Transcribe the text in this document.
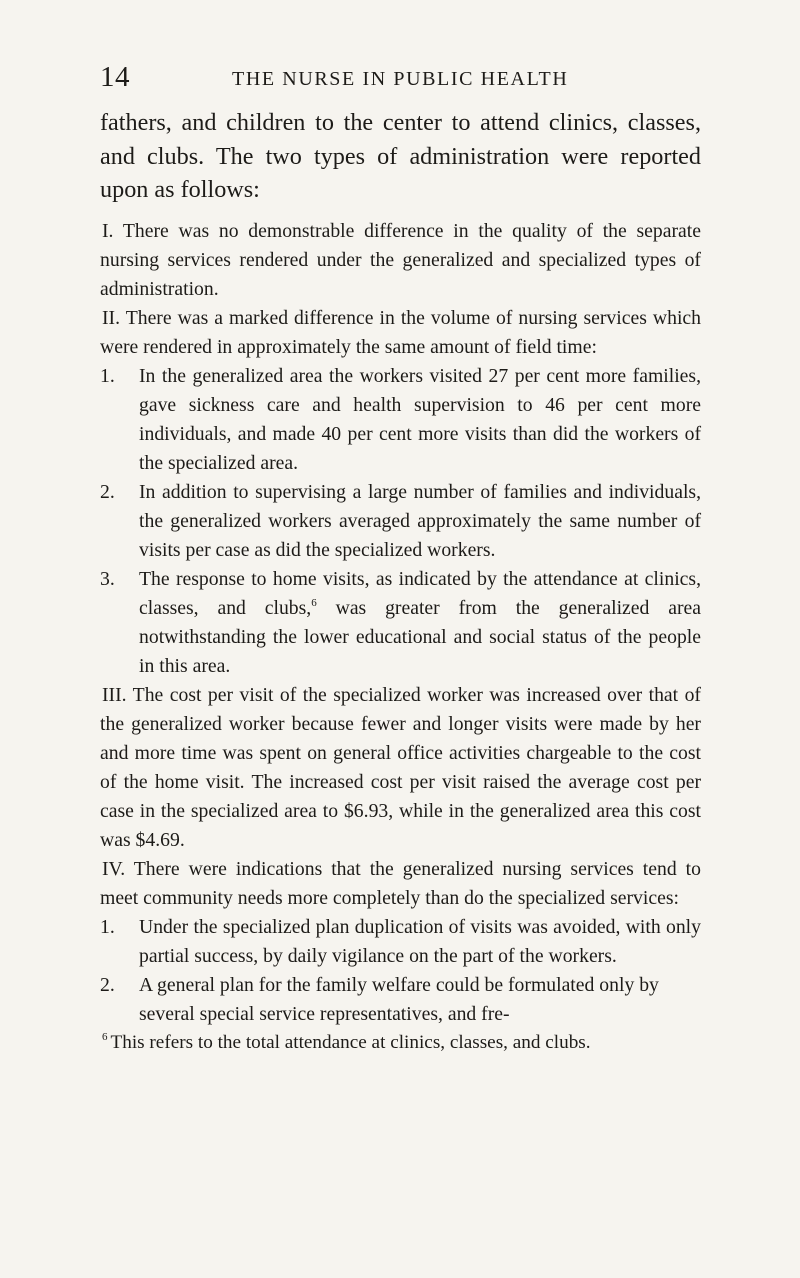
14	THE NURSE IN PUBLIC HEALTH

fathers, and children to the center to attend clinics, classes, and clubs. The two types of administration were reported upon as follows:

I. There was no demonstrable difference in the quality of the separate nursing services rendered under the generalized and specialized types of administration.

II. There was a marked difference in the volume of nursing services which were rendered in approximately the same amount of field time:

1. In the generalized area the workers visited 27 per cent more families, gave sickness care and health supervision to 46 per cent more individuals, and made 40 per cent more visits than did the workers of the specialized area.

2. In addition to supervising a large number of families and individuals, the generalized workers averaged approximately the same number of visits per case as did the specialized workers.

3. The response to home visits, as indicated by the attendance at clinics, classes, and clubs,$^6$ was greater from the generalized area notwithstanding the lower educational and social status of the people in this area.

III. The cost per visit of the specialized worker was increased over that of the generalized worker because fewer and longer visits were made by her and more time was spent on general office activities chargeable to the cost of the home visit. The increased cost per visit raised the average cost per case in the specialized area to $6.93, while in the generalized area this cost was $4.69.

IV. There were indications that the generalized nursing services tend to meet community needs more completely than do the specialized services:

1. Under the specialized plan duplication of visits was avoided, with only partial success, by daily vigilance on the part of the workers.

2. A general plan for the family welfare could be formulated only by several special service representatives, and fre-

$^6$ This refers to the total attendance at clinics, classes, and clubs.
